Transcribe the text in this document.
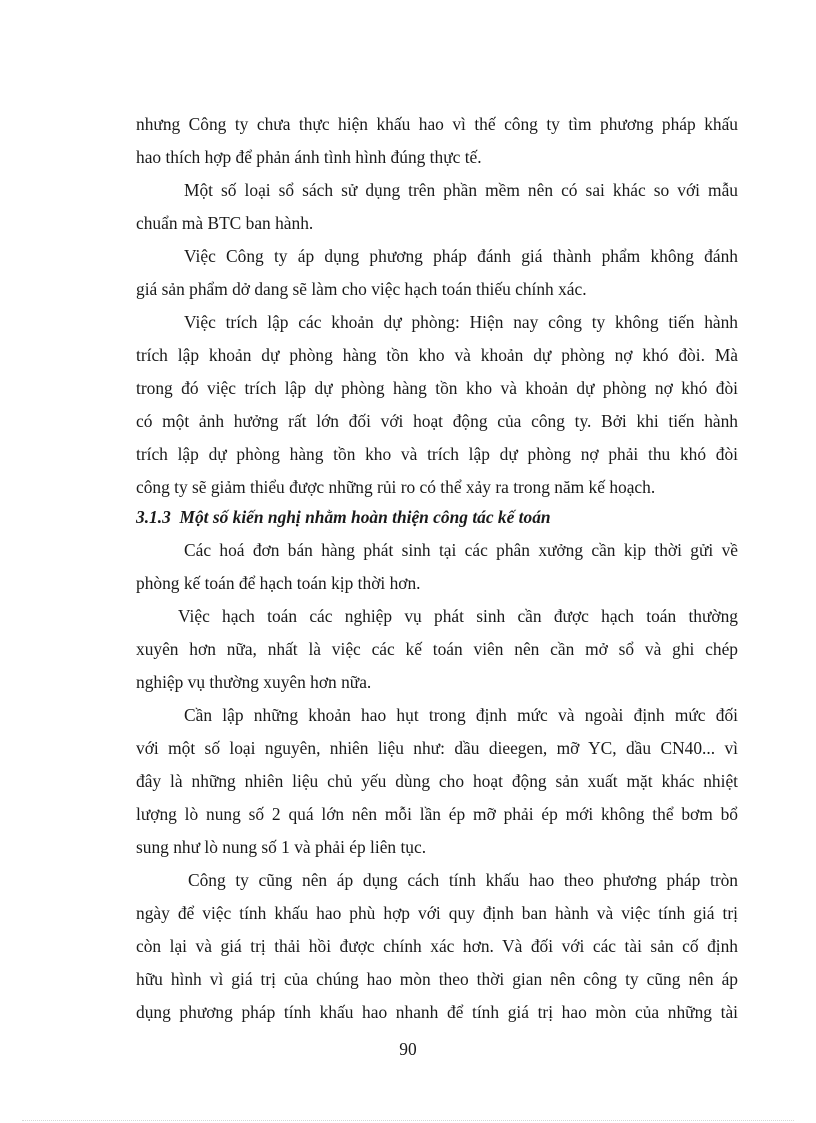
nhưng Công ty chưa thực hiện khấu hao vì thế công ty tìm phương pháp khấu
hao thích hợp để phản ánh tình hình đúng thực tế.
Một số loại sổ sách sử dụng trên phần mềm nên có sai khác so với mẫu
chuẩn mà BTC ban hành.
Việc Công ty áp dụng phương pháp đánh giá thành phẩm không đánh
giá sản phẩm dở dang sẽ làm cho việc hạch toán thiếu chính xác.
Việc trích lập các khoản dự phòng: Hiện nay công ty không tiến hành
trích lập khoản dự phòng hàng tồn kho và khoản dự phòng nợ khó đòi. Mà
trong đó việc trích lập dự phòng hàng tồn kho và khoản dự phòng nợ khó đòi
có một ảnh hưởng rất lớn đối với hoạt động của công ty. Bởi khi tiến hành
trích lập dự phòng hàng tồn kho và trích lập dự phòng nợ phải thu khó đòi
công ty sẽ giảm thiểu được những rủi ro có thể xảy ra trong năm kế hoạch.
3.1.3 Một số kiến nghị nhằm hoàn thiện công tác kế toán
Các hoá đơn bán hàng phát sinh tại các phân xưởng cần kịp thời gửi về
phòng kế toán để hạch toán kịp thời hơn.
Việc hạch toán các nghiệp vụ phát sinh cần được hạch toán thường
xuyên hơn nữa, nhất là việc các kế toán viên nên cần mở sổ và ghi chép
nghiệp vụ thường xuyên hơn nữa.
Cần lập những khoản hao hụt trong định mức và ngoài định mức đối
với một số loại nguyên, nhiên liệu như: dầu dieegen, mỡ YC, dầu CN40... vì
đây là những nhiên liệu chủ yếu dùng cho hoạt động sản xuất mặt khác nhiệt
lượng lò nung số 2 quá lớn nên mỗi lần ép mỡ phải ép mới không thể bơm bổ
sung như lò nung số 1 và phải ép liên tục.
Công ty cũng nên áp dụng cách tính khấu hao theo phương pháp tròn
ngày để việc tính khấu hao phù hợp với quy định ban hành và việc tính giá trị
còn lại và giá trị thải hồi được chính xác hơn. Và đối với các tài sản cố định
hữu hình vì giá trị của chúng hao mòn theo thời gian nên công ty cũng nên áp
dụng phương pháp tính khấu hao nhanh để tính giá trị hao mòn của những tài
90
